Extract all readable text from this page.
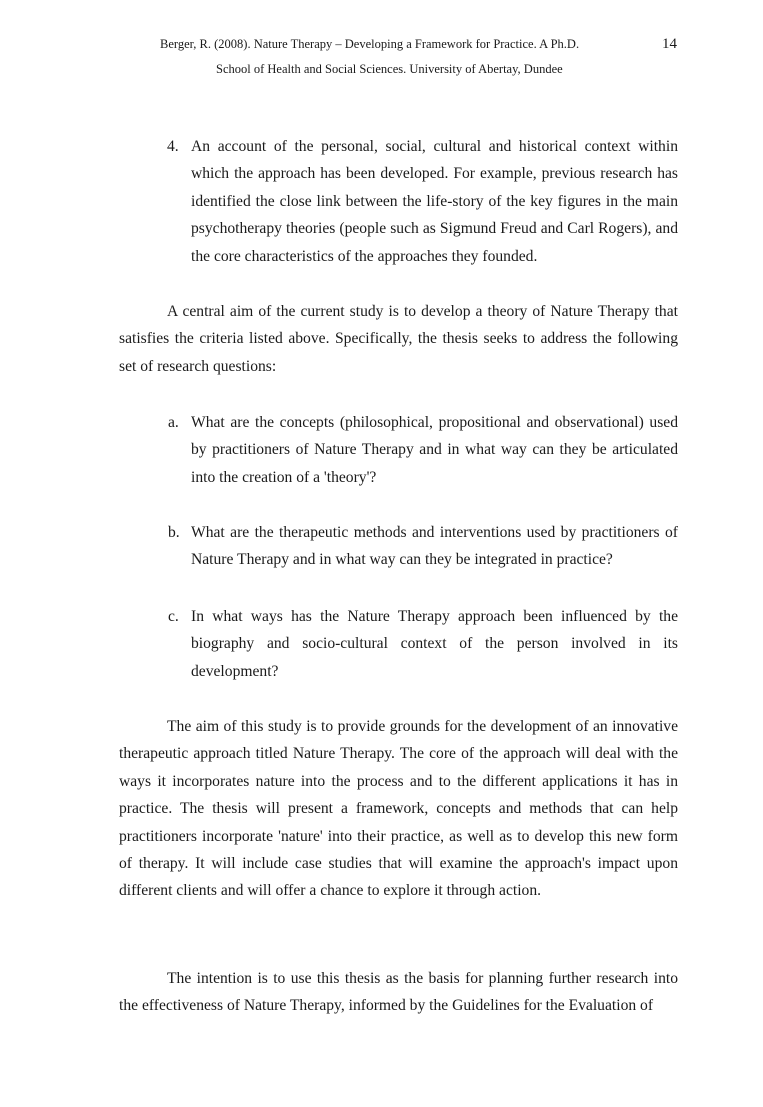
Berger, R. (2008). Nature Therapy – Developing a Framework for Practice. A Ph.D.
School of Health and Social Sciences. University of Abertay, Dundee
14
4. An account of the personal, social, cultural and historical context within which the approach has been developed. For example, previous research has identified the close link between the life-story of the key figures in the main psychotherapy theories (people such as Sigmund Freud and Carl Rogers), and the core characteristics of the approaches they founded.
A central aim of the current study is to develop a theory of Nature Therapy that satisfies the criteria listed above. Specifically, the thesis seeks to address the following set of research questions:
a. What are the concepts (philosophical, propositional and observational) used by practitioners of Nature Therapy and in what way can they be articulated into the creation of a 'theory'?
b. What are the therapeutic methods and interventions used by practitioners of Nature Therapy and in what way can they be integrated in practice?
c. In what ways has the Nature Therapy approach been influenced by the biography and socio-cultural context of the person involved in its development?
The aim of this study is to provide grounds for the development of an innovative therapeutic approach titled Nature Therapy. The core of the approach will deal with the ways it incorporates nature into the process and to the different applications it has in practice. The thesis will present a framework, concepts and methods that can help practitioners incorporate 'nature' into their practice, as well as to develop this new form of therapy. It will include case studies that will examine the approach's impact upon different clients and will offer a chance to explore it through action.
The intention is to use this thesis as the basis for planning further research into the effectiveness of Nature Therapy, informed by the Guidelines for the Evaluation of
